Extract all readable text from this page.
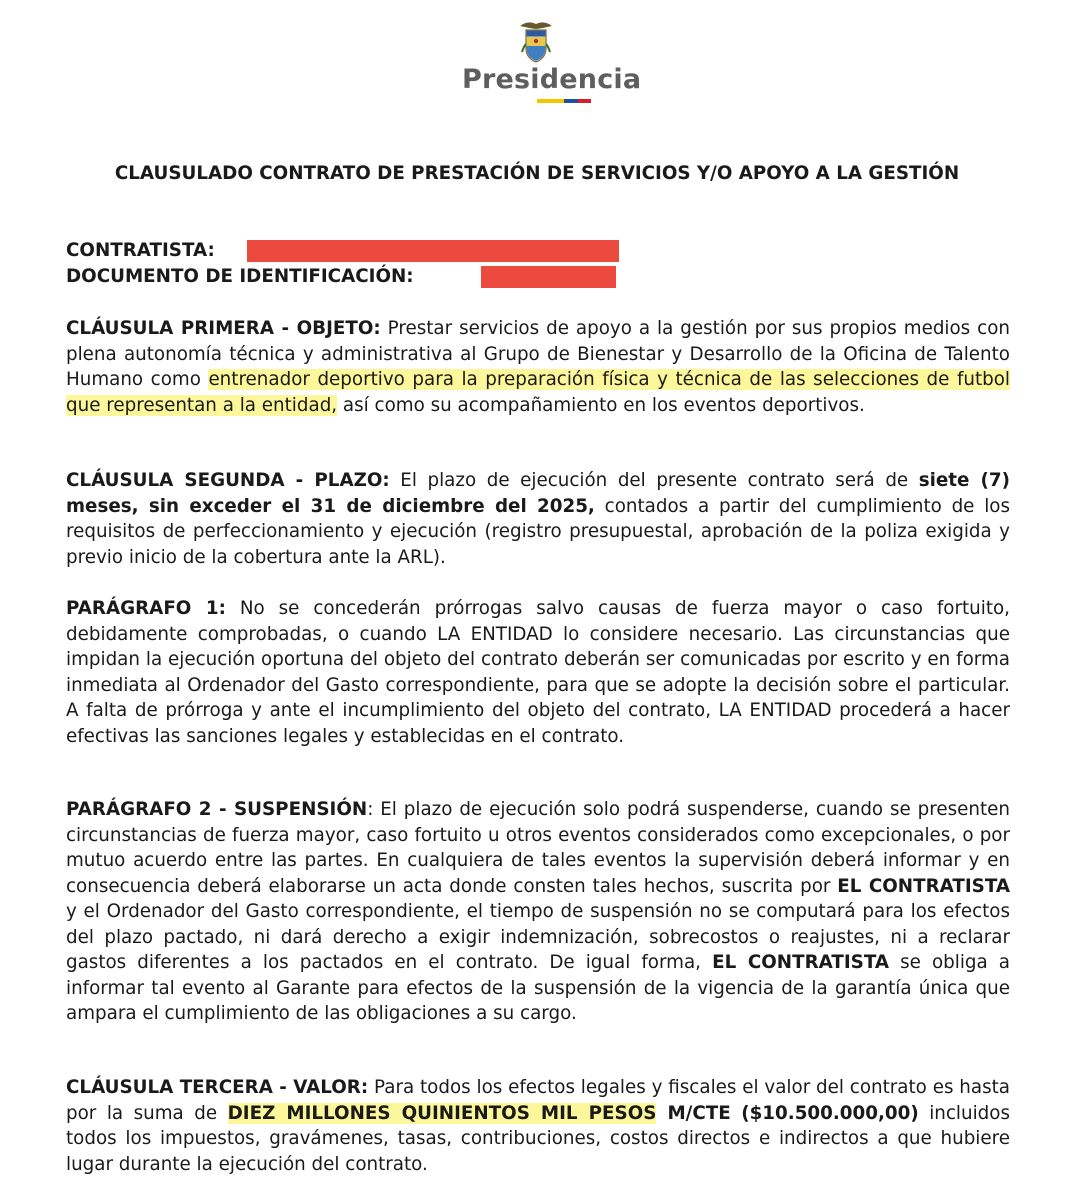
Presidencia
CLAUSULADO CONTRATO DE PRESTACIÓN DE SERVICIOS Y/O APOYO A LA GESTIÓN
CONTRATISTA:
DOCUMENTO DE IDENTIFICACIÓN:
CLÁUSULA PRIMERA - OBJETO: Prestar servicios de apoyo a la gestión por sus propios medios con plena autonomía técnica y administrativa al Grupo de Bienestar y Desarrollo de la Oficina de Talento Humano como entrenador deportivo para la preparación física y técnica de las selecciones de futbol que representan a la entidad, así como su acompañamiento en los eventos deportivos.
CLÁUSULA SEGUNDA - PLAZO: El plazo de ejecución del presente contrato será de siete (7) meses, sin exceder el 31 de diciembre del 2025, contados a partir del cumplimiento de los requisitos de perfeccionamiento y ejecución (registro presupuestal, aprobación de la poliza exigida y previo inicio de la cobertura ante la ARL).
PARÁGRAFO 1: No se concederán prórrogas salvo causas de fuerza mayor o caso fortuito, debidamente comprobadas, o cuando LA ENTIDAD lo considere necesario. Las circunstancias que impidan la ejecución oportuna del objeto del contrato deberán ser comunicadas por escrito y en forma inmediata al Ordenador del Gasto correspondiente, para que se adopte la decisión sobre el particular. A falta de prórroga y ante el incumplimiento del objeto del contrato, LA ENTIDAD procederá a hacer efectivas las sanciones legales y establecidas en el contrato.
PARÁGRAFO 2 - SUSPENSIÓN: El plazo de ejecución solo podrá suspenderse, cuando se presenten circunstancias de fuerza mayor, caso fortuito u otros eventos considerados como excepcionales, o por mutuo acuerdo entre las partes. En cualquiera de tales eventos la supervisión deberá informar y en consecuencia deberá elaborarse un acta donde consten tales hechos, suscrita por EL CONTRATISTA y el Ordenador del Gasto correspondiente, el tiempo de suspensión no se computará para los efectos del plazo pactado, ni dará derecho a exigir indemnización, sobrecostos o reajustes, ni a reclarar gastos diferentes a los pactados en el contrato. De igual forma, EL CONTRATISTA se obliga a informar tal evento al Garante para efectos de la suspensión de la vigencia de la garantía única que ampara el cumplimiento de las obligaciones a su cargo.
CLÁUSULA TERCERA - VALOR: Para todos los efectos legales y fiscales el valor del contrato es hasta por la suma de DIEZ MILLONES QUINIENTOS MIL PESOS M/CTE ($10.500.000,00) incluidos todos los impuestos, gravámenes, tasas, contribuciones, costos directos e indirectos a que hubiere lugar durante la ejecución del contrato.
